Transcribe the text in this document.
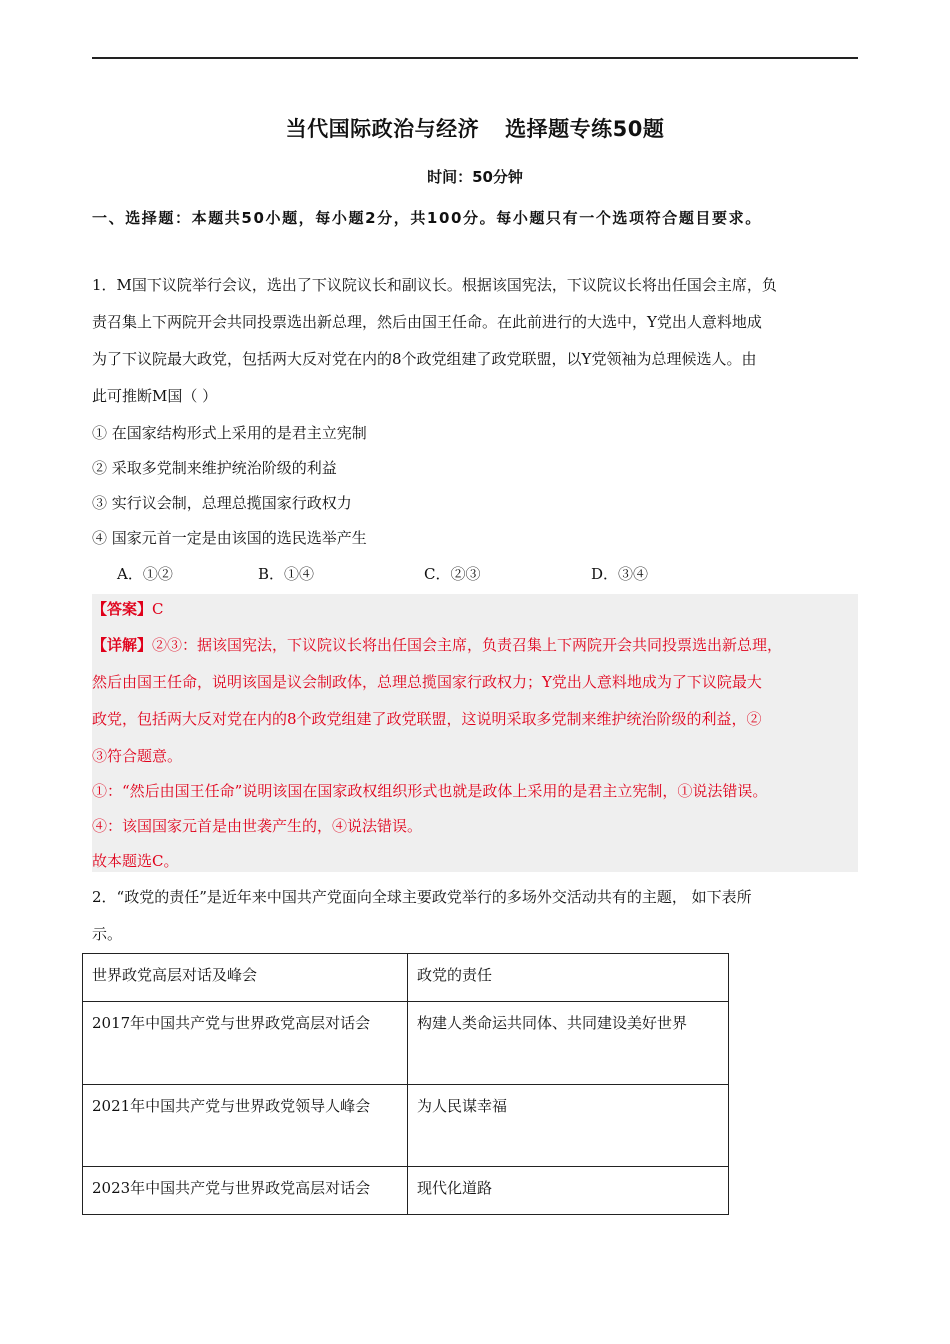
当代国际政治与经济 选择题专练50题
时间：50分钟
一、选择题：本题共50小题，每小题2分，共100分。每小题只有一个选项符合题目要求。
1．M国下议院举行会议，选出了下议院议长和副议长。根据该国宪法，下议院议长将出任国会主席，负
责召集上下两院开会共同投票选出新总理，然后由国王任命。在此前进行的大选中，Y党出人意料地成
为了下议院最大政党，包括两大反对党在内的8个政党组建了政党联盟，以Y党领袖为总理候选人。由
此可推断M国（ ）
① 在国家结构形式上采用的是君主立宪制
② 采取多党制来维护统治阶级的利益
③ 实行议会制，总理总揽国家行政权力
④ 国家元首一定是由该国的选民选举产生
A．①②	B．①④	C．②③	D．③④
【答案】C
【详解】②③：据该国宪法，下议院议长将出任国会主席，负责召集上下两院开会共同投票选出新总理，
然后由国王任命，说明该国是议会制政体，总理总揽国家行政权力；Y党出人意料地成为了下议院最大
政党，包括两大反对党在内的8个政党组建了政党联盟，这说明采取多党制来维护统治阶级的利益，②
③符合题意。
①：“然后由国王任命”说明该国在国家政权组织形式也就是政体上采用的是君主立宪制，①说法错误。
④：该国国家元首是由世袭产生的，④说法错误。
故本题选C。
2．“政党的责任”是近年来中国共产党面向全球主要政党举行的多场外交活动共有的主题， 如下表所
示。
世界政党高层对话及峰会	政党的责任
2017年中国共产党与世界政党高层对话会	构建人类命运共同体、共同建设美好世界
2021年中国共产党与世界政党领导人峰会	为人民谋幸福
2023年中国共产党与世界政党高层对话会	现代化道路
